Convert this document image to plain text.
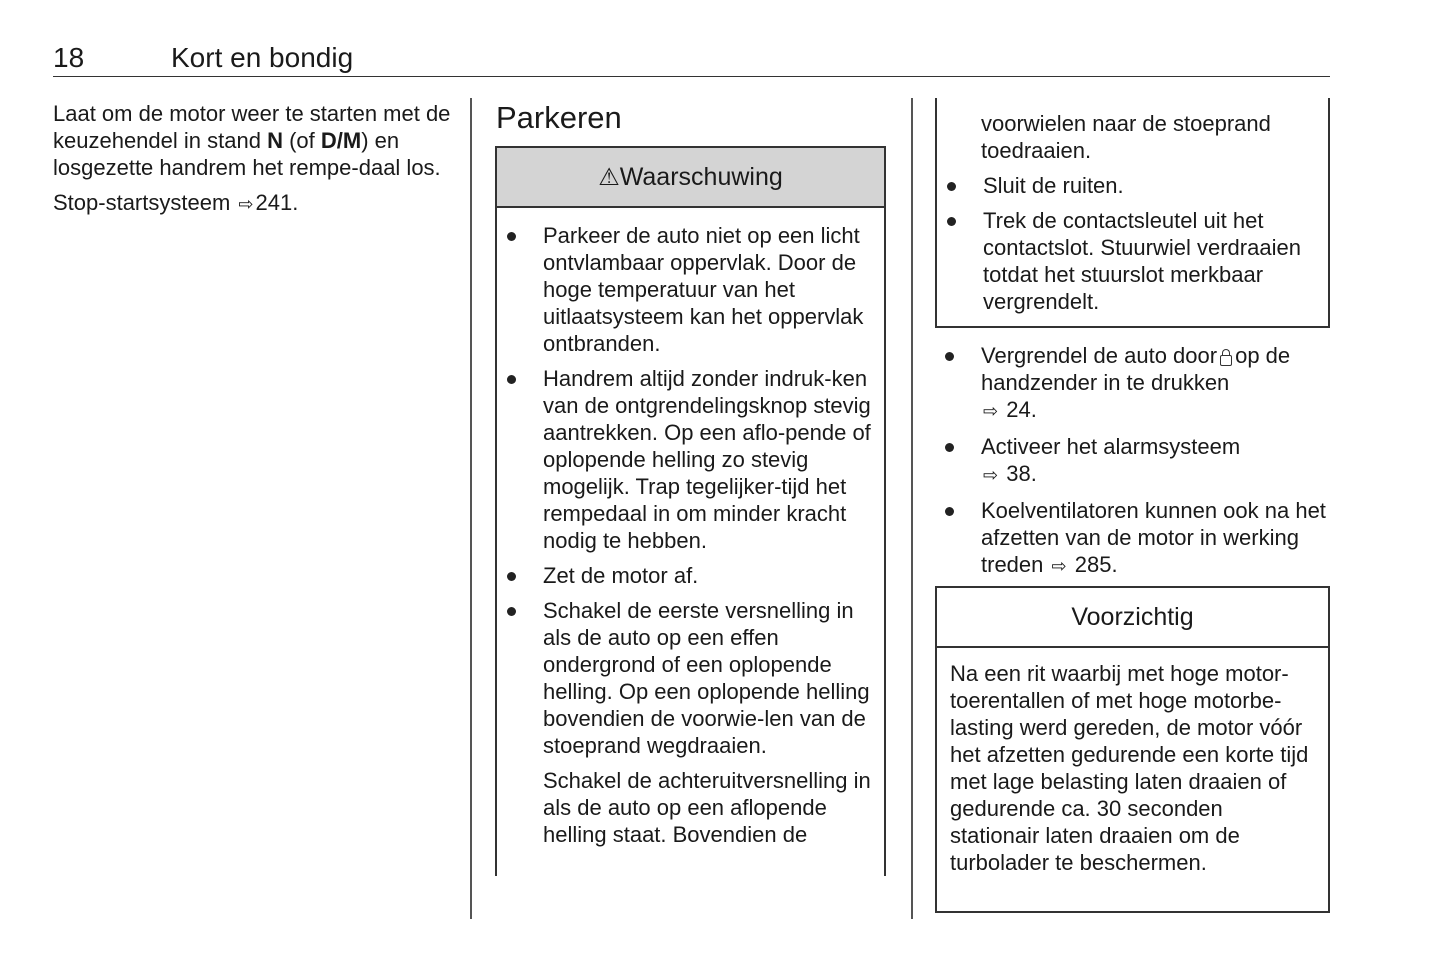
18	Kort en bondig

Laat om de motor weer te starten met de keuzehendel in stand N (of D/M) en losgezette handrem het rempe-daal los.

Stop-startsysteem ⇨241.

Parkeren
⚠Waarschuwing
Parkeer de auto niet op een licht ontvlambaar oppervlak. Door de hoge temperatuur van het uitlaatsysteem kan het oppervlak ontbranden.
Handrem altijd zonder indruk-ken van de ontgrendelingsknop stevig aantrekken. Op een aflo-pende of oplopende helling zo stevig mogelijk. Trap tegelijker-tijd het rempedaal in om minder kracht nodig te hebben.
Zet de motor af.
Schakel de eerste versnelling in als de auto op een effen ondergrond of een oplopende helling. Op een oplopende helling bovendien de voorwie-len van de stoeprand wegdraaien.
Schakel de achteruitversnelling in als de auto op een aflopende helling staat. Bovendien de
voorwielen naar de stoeprand toedraaien.
Sluit de ruiten.
Trek de contactsleutel uit het contactslot. Stuurwiel verdraaien totdat het stuurslot merkbaar vergrendelt.
Vergrendel de auto door op de handzender in te drukken
⇨ 24.
Activeer het alarmsysteem
⇨ 38.
Koelventilatoren kunnen ook na het afzetten van de motor in werking treden ⇨ 285.
Voorzichtig
Na een rit waarbij met hoge motor-toerentallen of met hoge motorbe-lasting werd gereden, de motor vóór het afzetten gedurende een korte tijd met lage belasting laten draaien of gedurende ca. 30 seconden stationair laten draaien om de turbolader te beschermen.
